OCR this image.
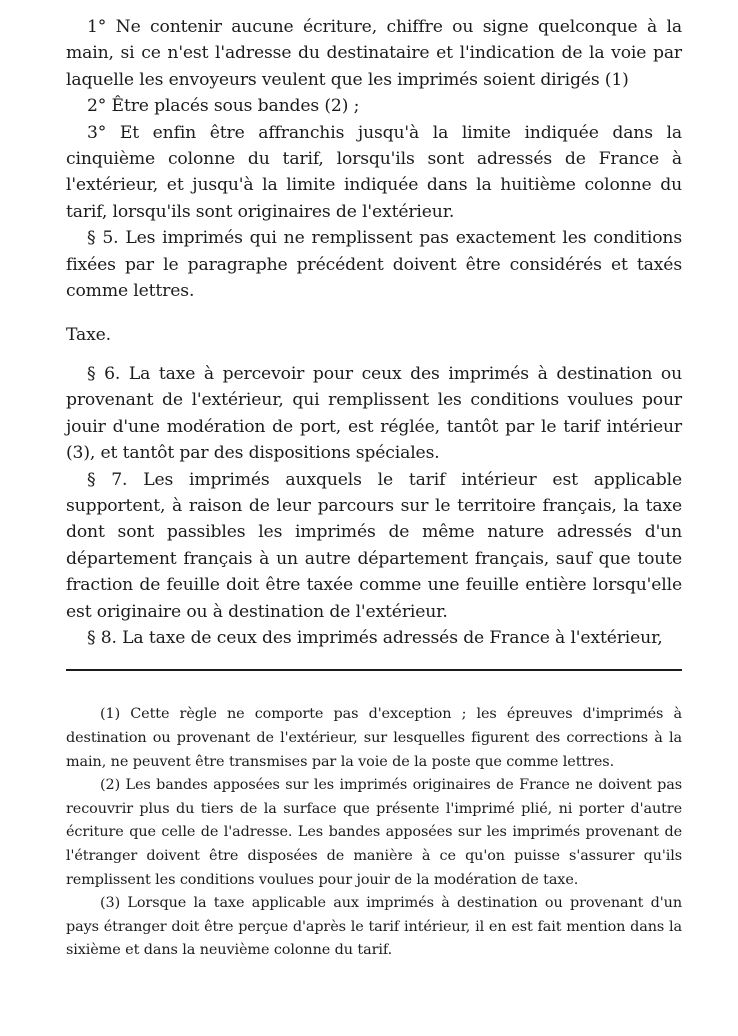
1° Ne contenir aucune écriture, chiffre ou signe quelconque à la main, si ce n'est l'adresse du destinataire et l'indication de la voie par laquelle les envoyeurs veulent que les imprimés soient dirigés (1)

2° Être placés sous bandes (2) ;

3° Et enfin être affranchis jusqu'à la limite indiquée dans la cinquième colonne du tarif, lorsqu'ils sont adressés de France à l'extérieur, et jusqu'à la limite indiquée dans la huitième colonne du tarif, lorsqu'ils sont originaires de l'extérieur.

§ 5. Les imprimés qui ne remplissent pas exactement les conditions fixées par le paragraphe précédent doivent être considérés et taxés comme lettres.

Taxe.

§ 6. La taxe à percevoir pour ceux des imprimés à destination ou provenant de l'extérieur, qui remplissent les conditions voulues pour jouir d'une modération de port, est réglée, tantôt par le tarif intérieur (3), et tantôt par des dispositions spéciales.

§ 7. Les imprimés auxquels le tarif intérieur est applicable supportent, à raison de leur parcours sur le territoire français, la taxe dont sont passibles les imprimés de même nature adressés d'un département français à un autre département français, sauf que toute fraction de feuille doit être taxée comme une feuille entière lorsqu'elle est originaire ou à destination de l'extérieur.

§ 8. La taxe de ceux des imprimés adressés de France à l'extérieur,

(1) Cette règle ne comporte pas d'exception ; les épreuves d'imprimés à destination ou provenant de l'extérieur, sur lesquelles figurent des corrections à la main, ne peuvent être transmises par la voie de la poste que comme lettres.

(2) Les bandes apposées sur les imprimés originaires de France ne doivent pas recouvrir plus du tiers de la surface que présente l'imprimé plié, ni porter d'autre écriture que celle de l'adresse. Les bandes apposées sur les imprimés provenant de l'étranger doivent être disposées de manière à ce qu'on puisse s'assurer qu'ils remplissent les conditions voulues pour jouir de la modération de taxe.

(3) Lorsque la taxe applicable aux imprimés à destination ou provenant d'un pays étranger doit être perçue d'après le tarif intérieur, il en est fait mention dans la sixième et dans la neuvième colonne du tarif.
